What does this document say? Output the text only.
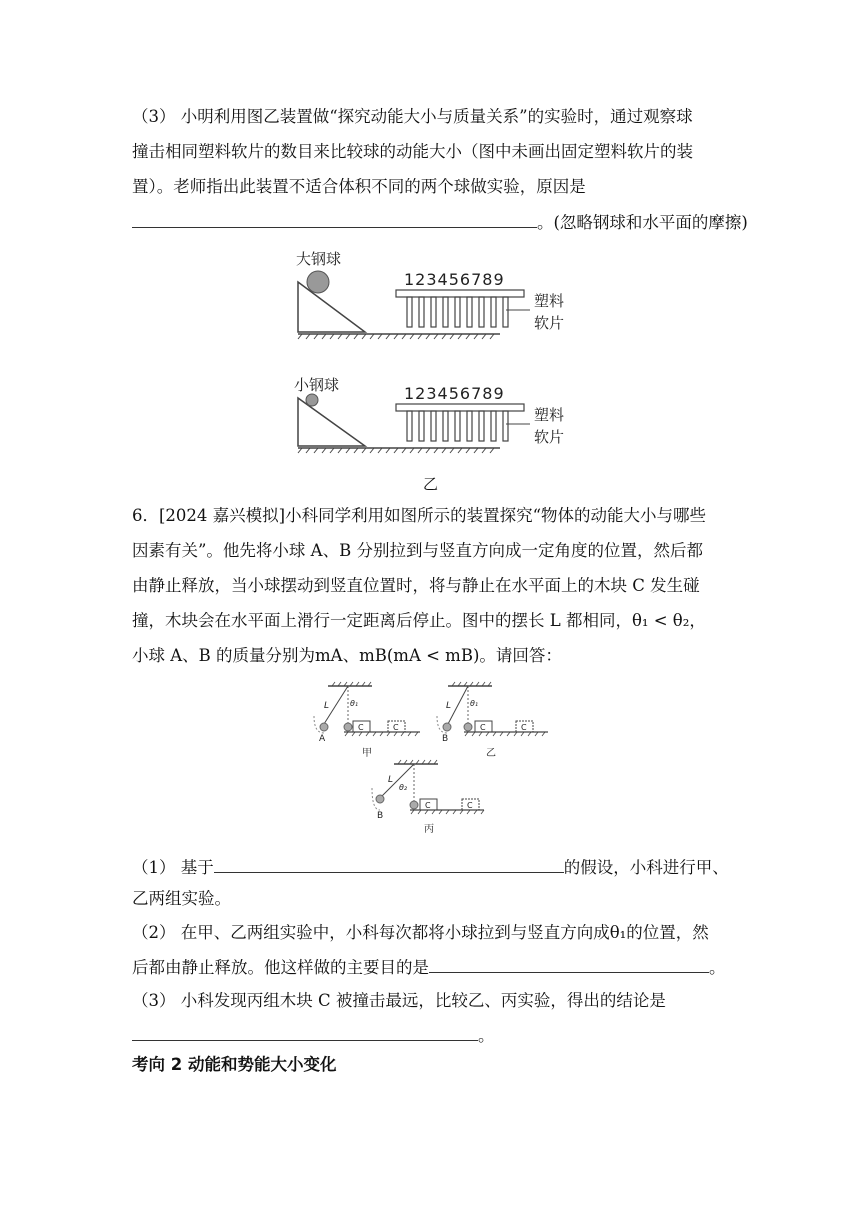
（3） 小明利用图乙装置做“探究动能大小与质量关系”的实验时，通过观察球
撞击相同塑料软片的数目来比较球的动能大小（图中未画出固定塑料软片的装
置）。老师指出此装置不适合体积不同的两个球做实验，原因是
。(忽略钢球和水平面的摩擦)
大钢球
123456789
塑料
软片
小钢球	123456789
塑料
软片
乙
6．[2024 嘉兴模拟]小科同学利用如图所示的装置探究“物体的动能大小与哪些
因素有关”。他先将小球 A、B 分别拉到与竖直方向成一定角度的位置，然后都
由静止释放，当小球摆动到竖直位置时，将与静止在水平面上的木块 C 发生碰
撞，木块会在水平面上滑行一定距离后停止。图中的摆长 L 都相同，θ₁ < θ₂，
小球 A、B 的质量分别为mA、mB(mA < mB)。请回答：
L	θ₁
A
C	C
甲
L θ₁
B
C	C
乙
L
θ₂
B
C	C
丙
（1） 基于	的假设，小科进行甲、
乙两组实验。
（2） 在甲、乙两组实验中，小科每次都将小球拉到与竖直方向成θ₁的位置，然
后都由静止释放。他这样做的主要目的是	。
（3） 小科发现丙组木块 C 被撞击最远，比较乙、丙实验，得出的结论是
。
考向 2 动能和势能大小变化
